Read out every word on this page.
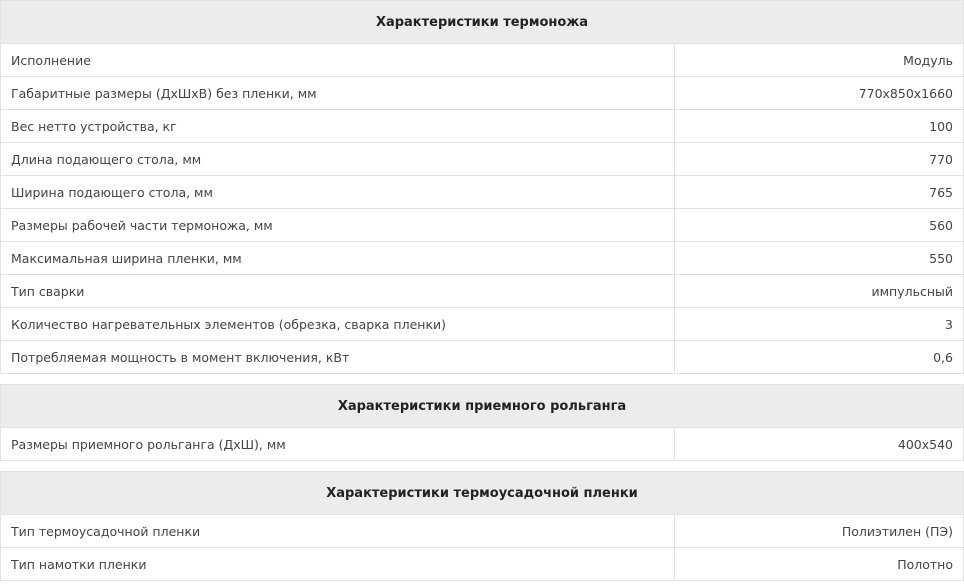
Характеристики термоножа	
Исполнение	Модуль
Габаритные размеры (ДхШхВ) без пленки, мм	770x850x1660
Вес нетто устройства, кг	100
Длина подающего стола, мм	770
Ширина подающего стола, мм	765
Размеры рабочей части термоножа, мм	560
Максимальная ширина пленки, мм	550
Тип сварки	импульсный
Количество нагревательных элементов (обрезка, сварка пленки)	3
Потребляемая мощность в момент включения, кВт	0,6
Характеристики приемного рольганга
Размеры приемного рольганга (ДхШ), мм	400x540
Характеристики термоусадочной пленки	
Тип термоусадочной пленки	Полиэтилен (ПЭ)
Тип намотки пленки	Полотно
